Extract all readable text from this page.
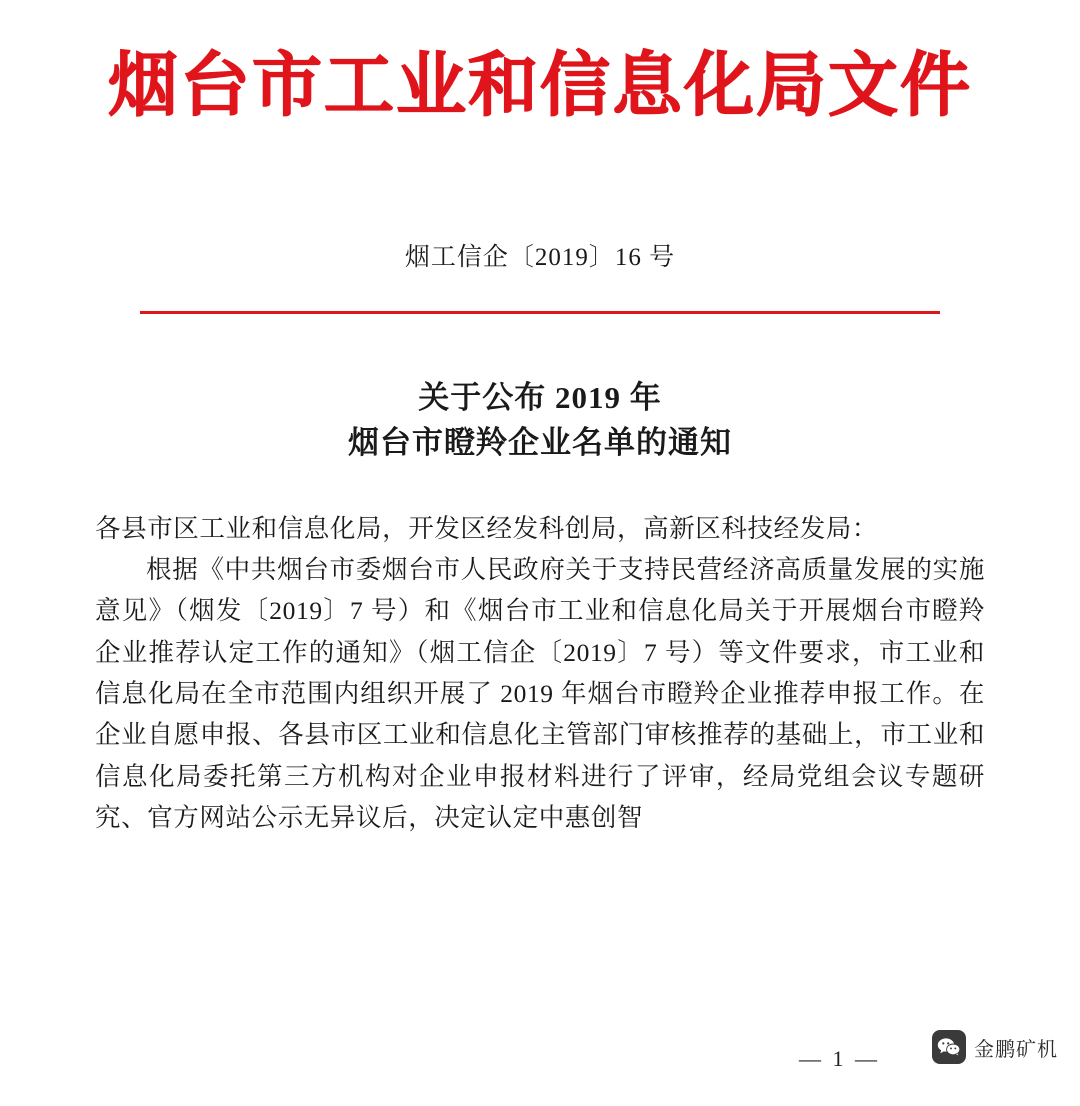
烟台市工业和信息化局文件
烟工信企〔2019〕16 号
关于公布 2019 年
烟台市瞪羚企业名单的通知

各县市区工业和信息化局，开发区经发科创局，高新区科技经发局：

根据《中共烟台市委烟台市人民政府关于支持民营经济高质量发展的实施意见》（烟发〔2019〕7 号）和《烟台市工业和信息化局关于开展烟台市瞪羚企业推荐认定工作的通知》（烟工信企〔2019〕7 号）等文件要求，市工业和信息化局在全市范围内组织开展了 2019 年烟台市瞪羚企业推荐申报工作。在企业自愿申报、各县市区工业和信息化主管部门审核推荐的基础上，市工业和信息化局委托第三方机构对企业申报材料进行了评审，经局党组会议专题研究、官方网站公示无异议后，决定认定中惠创智

— 1 —	金鹏矿机
